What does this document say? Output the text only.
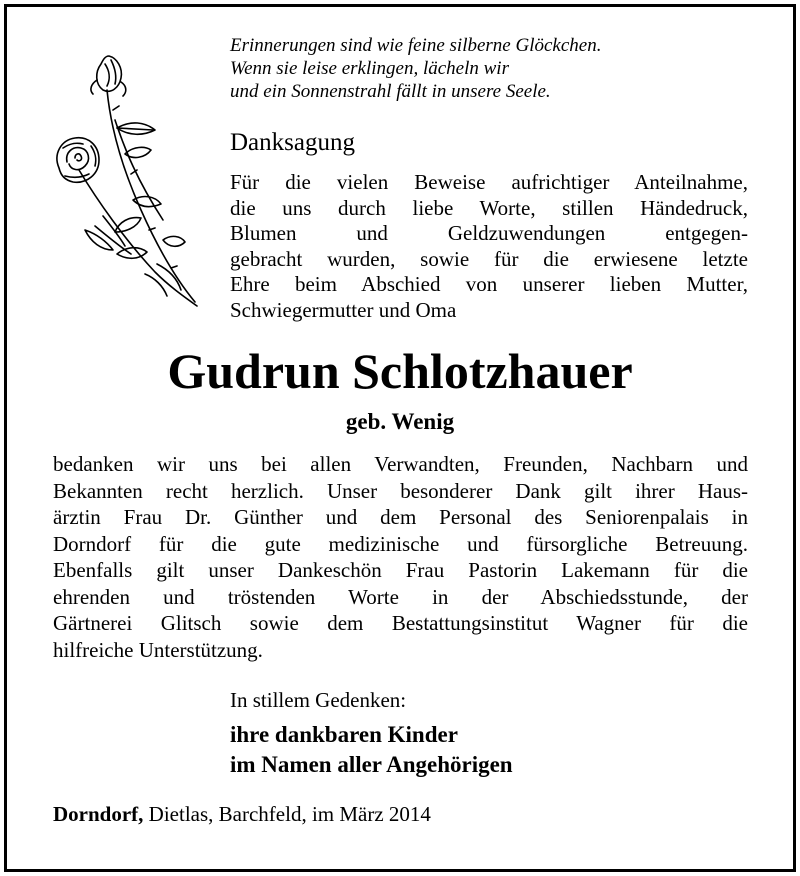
Erinnerungen sind wie feine silberne Glöckchen.
Wenn sie leise erklingen, lächeln wir
und ein Sonnenstrahl fällt in unsere Seele.
Danksagung
Für die vielen Beweise aufrichtiger Anteilnahme,
die uns durch liebe Worte, stillen Händedruck,
Blumen und Geldzuwendungen entgegen-
gebracht wurden, sowie für die erwiesene letzte
Ehre beim Abschied von unserer lieben Mutter,
Schwiegermutter und Oma
Gudrun Schlotzhauer
geb. Wenig
bedanken wir uns bei allen Verwandten, Freunden, Nachbarn und
Bekannten recht herzlich. Unser besonderer Dank gilt ihrer Haus-
ärztin Frau Dr. Günther und dem Personal des Seniorenpalais in
Dorndorf für die gute medizinische und fürsorgliche Betreuung.
Ebenfalls gilt unser Dankeschön Frau Pastorin Lakemann für die
ehrenden und tröstenden Worte in der Abschiedsstunde, der
Gärtnerei Glitsch sowie dem Bestattungsinstitut Wagner für die
hilfreiche Unterstützung.
In stillem Gedenken:
ihre dankbaren Kinder
im Namen aller Angehörigen
Dorndorf, Dietlas, Barchfeld, im März 2014
